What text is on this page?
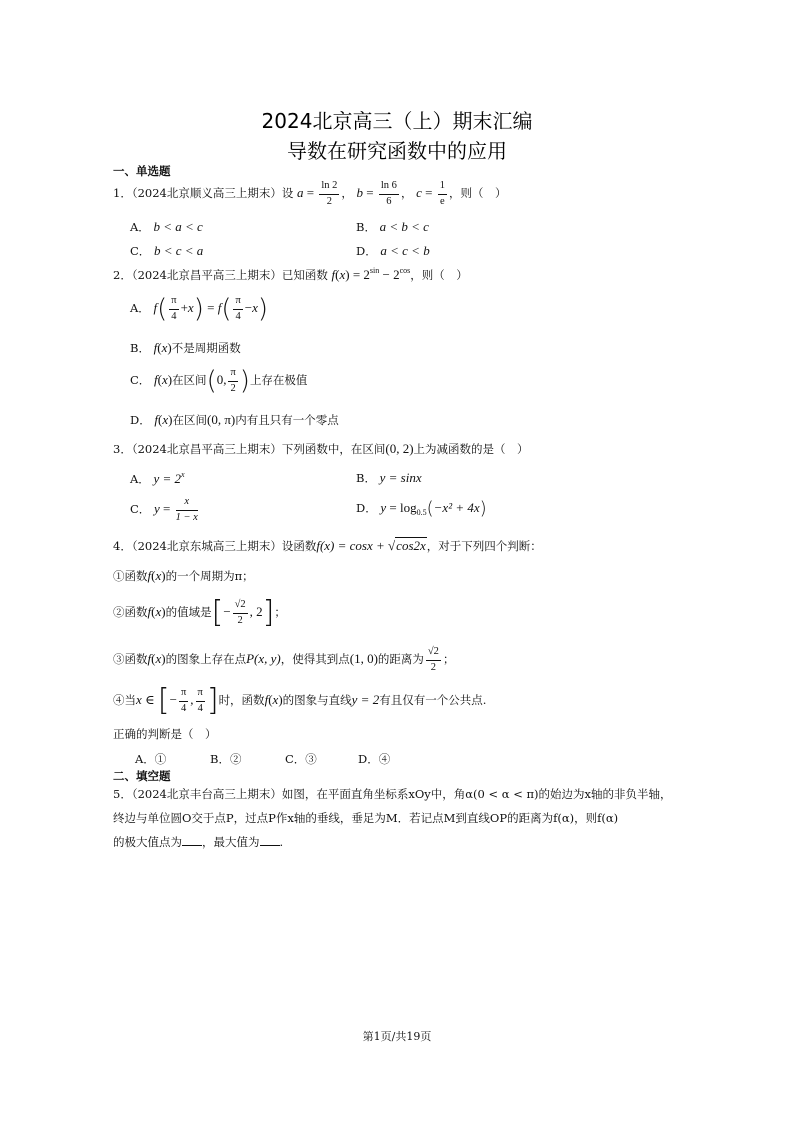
2024北京高三（上）期末汇编
导数在研究函数中的应用
一、单选题
1．（2024北京顺义高三上期末）设 $a = \frac{\ln 2}{2}$ ， $b = \frac{\ln 6}{6}$ ， $c = \frac{1}{e}$ ，则（　）
A． b < a < c	B． a < b < c
C． b < c < a	D． a < c < b
2．（2024北京昌平高三上期末）已知函数 $f(x) = 2^{sin} - 2^{cos}$，则（　）
A． $f( \frac{\pi}{4} +x) = f( \frac{\pi}{4} -x)$
B． f(x)不是周期函数
C． f(x)在区间(0, $\frac{\pi}{2}$ )上存在极值
D． f(x)在区间(0, π)内有且只有一个零点
3．（2024北京昌平高三上期末）下列函数中，在区间(0, 2)上为减函数的是（　）
A． $y = 2^x$	B． y = sinx
C． $y = \frac{x}{1 - x}$	D． $y = \log_{0.5}(-x^2 + 4x)$
4．（2024北京东城高三上期末）设函数f(x) = cosx + √cos2x，对于下列四个判断：
①函数f(x)的一个周期为π；
②函数f(x)的值域是[− $\frac{√2}{2}$ , 2]；
③函数f(x)的图象上存在点P(x, y)，使得其到点(1, 0)的距离为 $\frac{√2}{2}$ ；
④当x ∈ [− $\frac{\pi}{4}$ , $\frac{\pi}{4}$ ]时，函数f(x)的图象与直线y = 2有且仅有一个公共点.
正确的判断是（　）
A．①	B．②	C．③	D．④
二、填空题
5．（2024北京丰台高三上期末）如图，在平面直角坐标系xOy中，角α(0 < α < π)的始边为x轴的非负半轴，
终边与单位圆O交于点P，过点P作x轴的垂线，垂足为M．若记点M到直线OP的距离为f(α)，则f(α)
的极大值点为 ，最大值为 .
第1页/共19页
